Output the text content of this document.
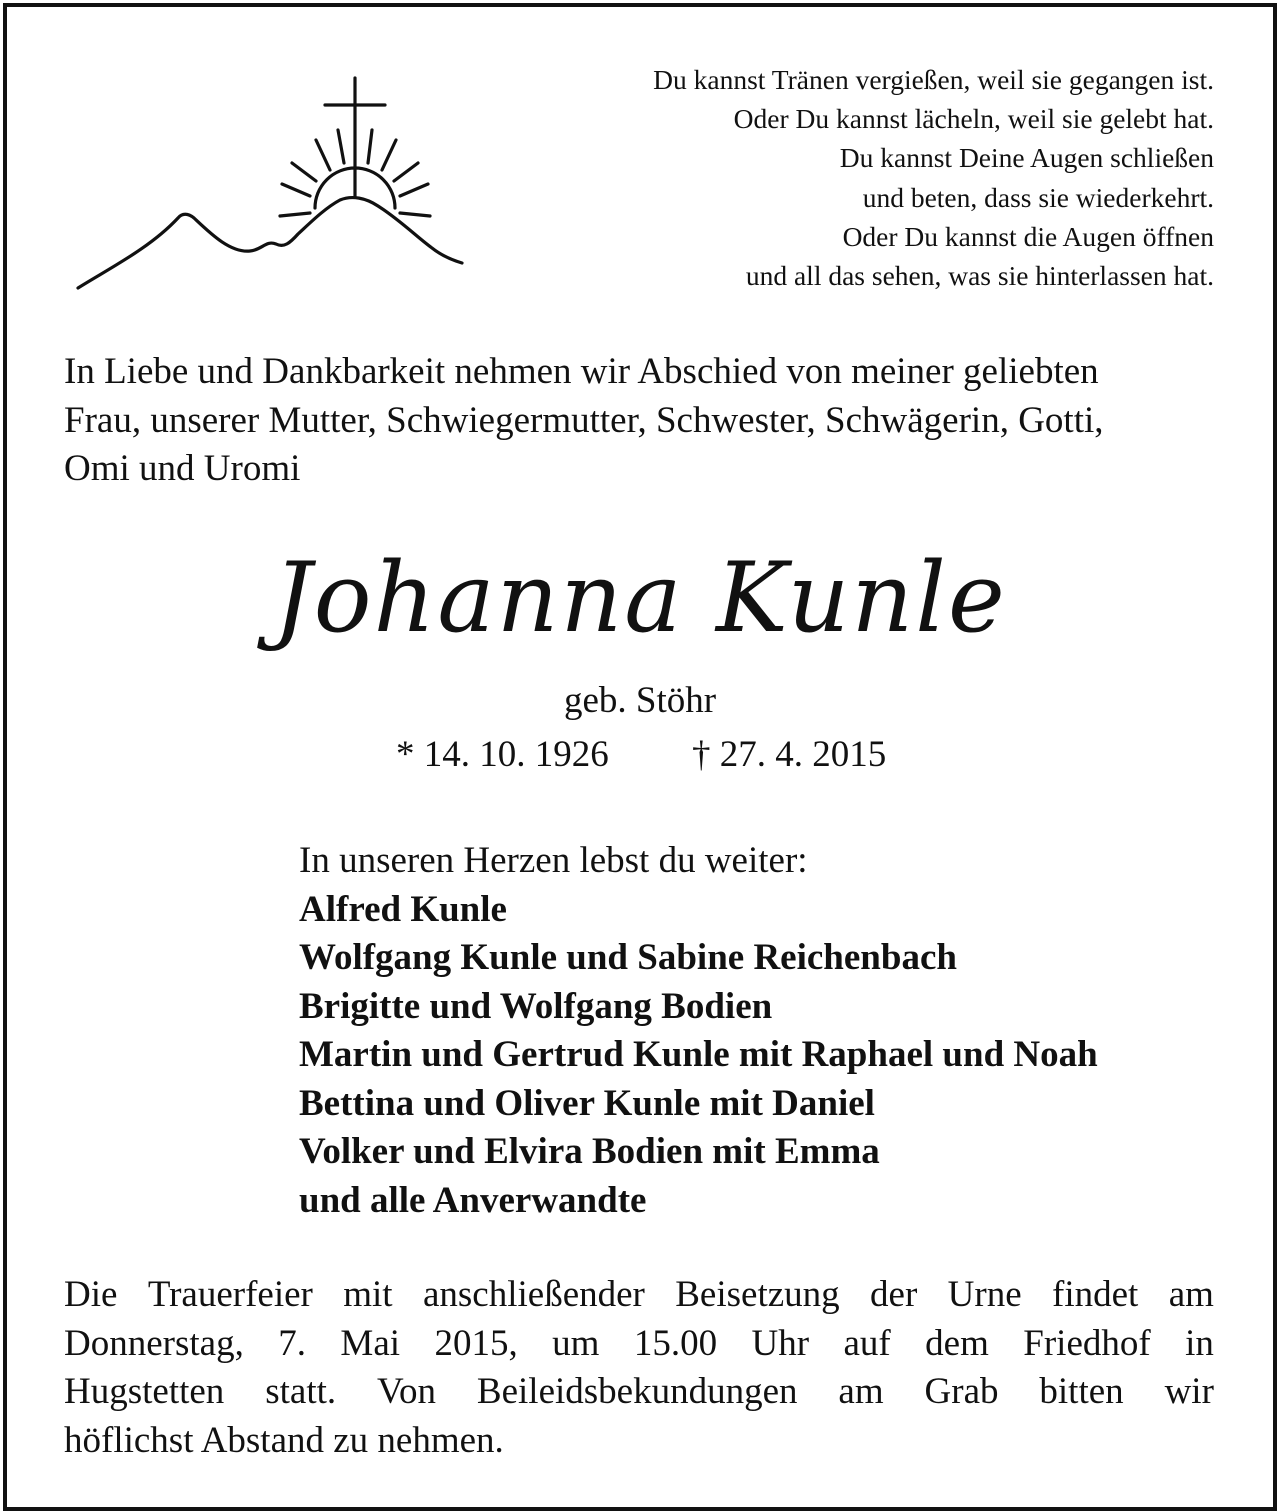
Du kannst Tränen vergießen, weil sie gegangen ist.
Oder Du kannst lächeln, weil sie gelebt hat.
Du kannst Deine Augen schließen
und beten, dass sie wiederkehrt.
Oder Du kannst die Augen öffnen
und all das sehen, was sie hinterlassen hat.
In Liebe und Dankbarkeit nehmen wir Abschied von meiner geliebten
Frau, unserer Mutter, Schwiegermutter, Schwester, Schwägerin, Gotti,
Omi und Uromi
Johanna Kunle
geb. Stöhr
* 14. 10. 1926 † 27. 4. 2015
In unseren Herzen lebst du weiter:
Alfred Kunle
Wolfgang Kunle und Sabine Reichenbach
Brigitte und Wolfgang Bodien
Martin und Gertrud Kunle mit Raphael und Noah
Bettina und Oliver Kunle mit Daniel
Volker und Elvira Bodien mit Emma
und alle Anverwandte
Die Trauerfeier mit anschließender Beisetzung der Urne findet am
Donnerstag, 7. Mai 2015, um 15.00 Uhr auf dem Friedhof in
Hugstetten statt. Von Beileidsbekundungen am Grab bitten wir
höflichst Abstand zu nehmen.
